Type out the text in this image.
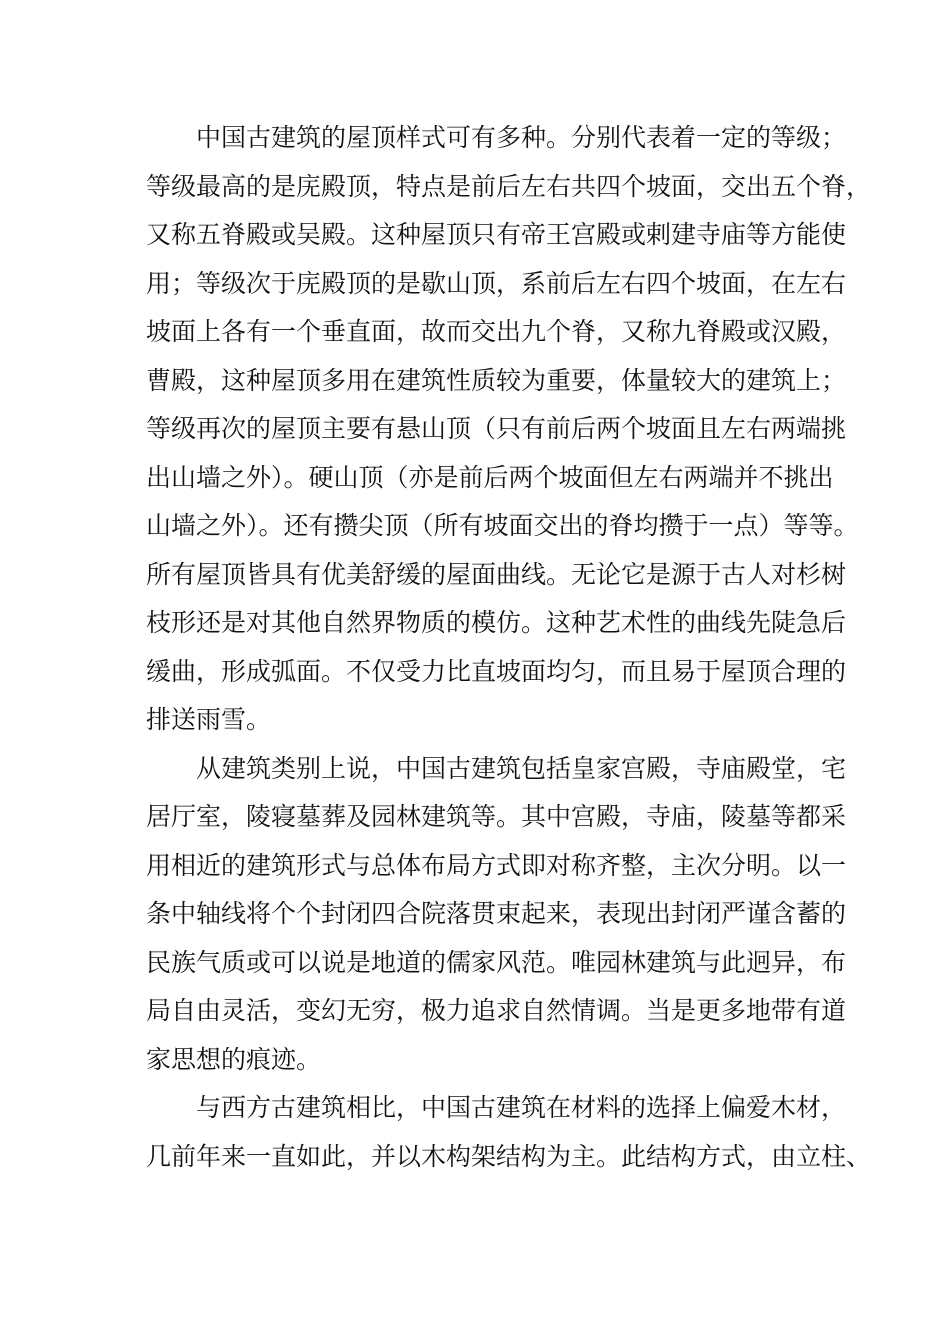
中国古建筑的屋顶样式可有多种。分别代表着一定的等级；
等级最高的是庑殿顶，特点是前后左右共四个坡面，交出五个脊，
又称五脊殿或吴殿。这种屋顶只有帝王宫殿或剌建寺庙等方能使
用；等级次于庑殿顶的是歇山顶，系前后左右四个坡面，在左右
坡面上各有一个垂直面，故而交出九个脊，又称九脊殿或汉殿，
曹殿，这种屋顶多用在建筑性质较为重要，体量较大的建筑上；
等级再次的屋顶主要有悬山顶（只有前后两个坡面且左右两端挑
出山墙之外）。硬山顶（亦是前后两个坡面但左右两端并不挑出
山墙之外）。还有攒尖顶（所有坡面交出的脊均攒于一点）等等。
所有屋顶皆具有优美舒缓的屋面曲线。无论它是源于古人对杉树
枝形还是对其他自然界物质的模仿。这种艺术性的曲线先陡急后
缓曲，形成弧面。不仅受力比直坡面均匀，而且易于屋顶合理的
排送雨雪。
从建筑类别上说，中国古建筑包括皇家宫殿，寺庙殿堂，宅
居厅室，陵寝墓葬及园林建筑等。其中宫殿，寺庙，陵墓等都采
用相近的建筑形式与总体布局方式即对称齐整，主次分明。以一
条中轴线将个个封闭四合院落贯束起来，表现出封闭严谨含蓄的
民族气质或可以说是地道的儒家风范。唯园林建筑与此迥异，布
局自由灵活，变幻无穷，极力追求自然情调。当是更多地带有道
家思想的痕迹。
与西方古建筑相比，中国古建筑在材料的选择上偏爱木材，
几前年来一直如此，并以木构架结构为主。此结构方式，由立柱、
